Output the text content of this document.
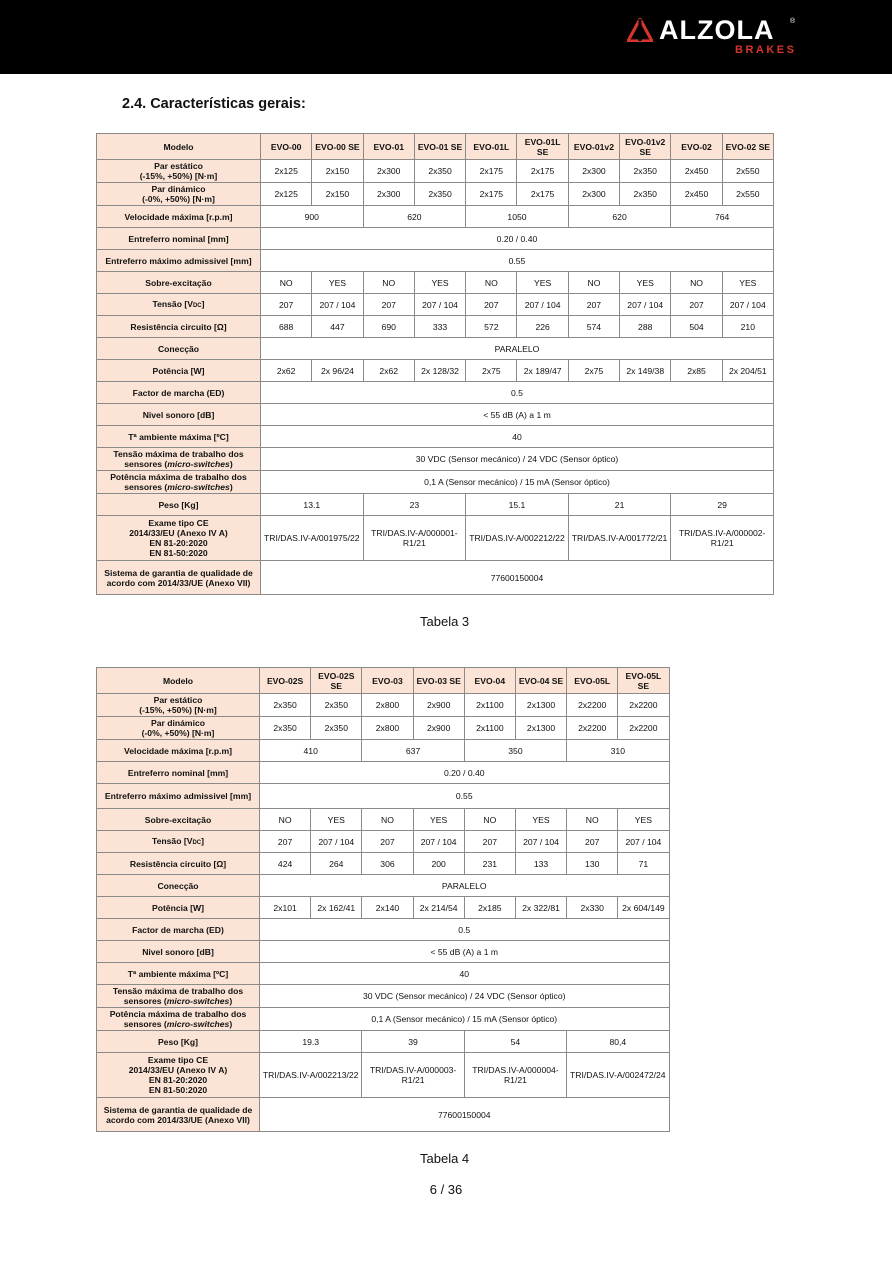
ALZOLA ®
BRAKES
2.4. Características gerais:
Modelo	EVO-00	EVO-00 SE	EVO-01	EVO-01 SE	EVO-01L	EVO-01L SE	EVO-01v2	EVO-01v2 SE	EVO-02	EVO-02 SE
Par estático
(-15%, +50%) [N·m]	2x125	2x150	2x300	2x350	2x175	2x175	2x300	2x350	2x450	2x550
Par dinámico
(-0%, +50%) [N·m]	2x125	2x150	2x300	2x350	2x175	2x175	2x300	2x350	2x450	2x550
Velocidade máxima [r.p.m]	900		620		1050		620		764	
Entreferro nominal [mm]	0.20 / 0.40									
Entreferro máximo admissivel [mm]	0.55									
Sobre-excitação	NO	YES	NO	YES	NO	YES	NO	YES	NO	YES
Tensão [VDC]	207	207 / 104	207	207 / 104	207	207 / 104	207	207 / 104	207	207 / 104
Resistência circuito [Ω]	688	447	690	333	572	226	574	288	504	210
Conecção	PARALELO									
Potência [W]	2x62	2x 96/24	2x62	2x 128/32	2x75	2x 189/47	2x75	2x 149/38	2x85	2x 204/51
Factor de marcha (ED)	0.5									
Nivel sonoro [dB]	< 55 dB (A) a 1 m									
Tª ambiente máxima [ºC]	40									
Tensão máxima de trabalho dos
sensores (micro-switches)	30 VDC (Sensor mecánico) / 24 VDC (Sensor óptico)									
Potência máxima de trabalho dos
sensores (micro-switches)	0,1 A (Sensor mecánico) / 15 mA (Sensor óptico)									
Peso [Kg]	13.1		23		15.1		21		29	
Exame tipo CE
2014/33/EU (Anexo IV A)
EN 81-20:2020
EN 81-50:2020	TRI/DAS.IV-A/001975/22		TRI/DAS.IV-A/000001-R1/21		TRI/DAS.IV-A/002212/22		TRI/DAS.IV-A/001772/21		TRI/DAS.IV-A/000002-R1/21	
Sistema de garantia de qualidade de acordo com 2014/33/UE (Anexo VII)	77600150004									
Tabela 3
Modelo	EVO-02S	EVO-02S SE	EVO-03	EVO-03 SE	EVO-04	EVO-04 SE	EVO-05L	EVO-05L SE
Par estático
(-15%, +50%) [N·m]	2x350	2x350	2x800	2x900	2x1100	2x1300	2x2200	2x2200
Par dinámico
(-0%, +50%) [N·m]	2x350	2x350	2x800	2x900	2x1100	2x1300	2x2200	2x2200
Velocidade máxima [r.p.m]	410		637		350		310	
Entreferro nominal [mm]	0.20 / 0.40							
Entreferro máximo admissivel [mm]	0.55							
Sobre-excitação	NO	YES	NO	YES	NO	YES	NO	YES
Tensão [VDC]	207	207 / 104	207	207 / 104	207	207 / 104	207	207 / 104
Resistência circuito [Ω]	424	264	306	200	231	133	130	71
Conecção	PARALELO							
Potência [W]	2x101	2x 162/41	2x140	2x 214/54	2x185	2x 322/81	2x330	2x 604/149
Factor de marcha (ED)	0.5							
Nivel sonoro [dB]	< 55 dB (A) a 1 m							
Tª ambiente máxima [ºC]	40							
Tensão máxima de trabalho dos
sensores (micro-switches)	30 VDC (Sensor mecánico) / 24 VDC (Sensor óptico)							
Potência máxima de trabalho dos
sensores (micro-switches)	0,1 A (Sensor mecánico) / 15 mA (Sensor óptico)							
Peso [Kg]	19.3		39		54		80,4	
Exame tipo CE
2014/33/EU (Anexo IV A)
EN 81-20:2020
EN 81-50:2020	TRI/DAS.IV-A/002213/22		TRI/DAS.IV-A/000003-R1/21		TRI/DAS.IV-A/000004-R1/21		TRI/DAS.IV-A/002472/24	
Sistema de garantia de qualidade de acordo com 2014/33/UE (Anexo VII)	77600150004							
Tabela 4
6 / 36
